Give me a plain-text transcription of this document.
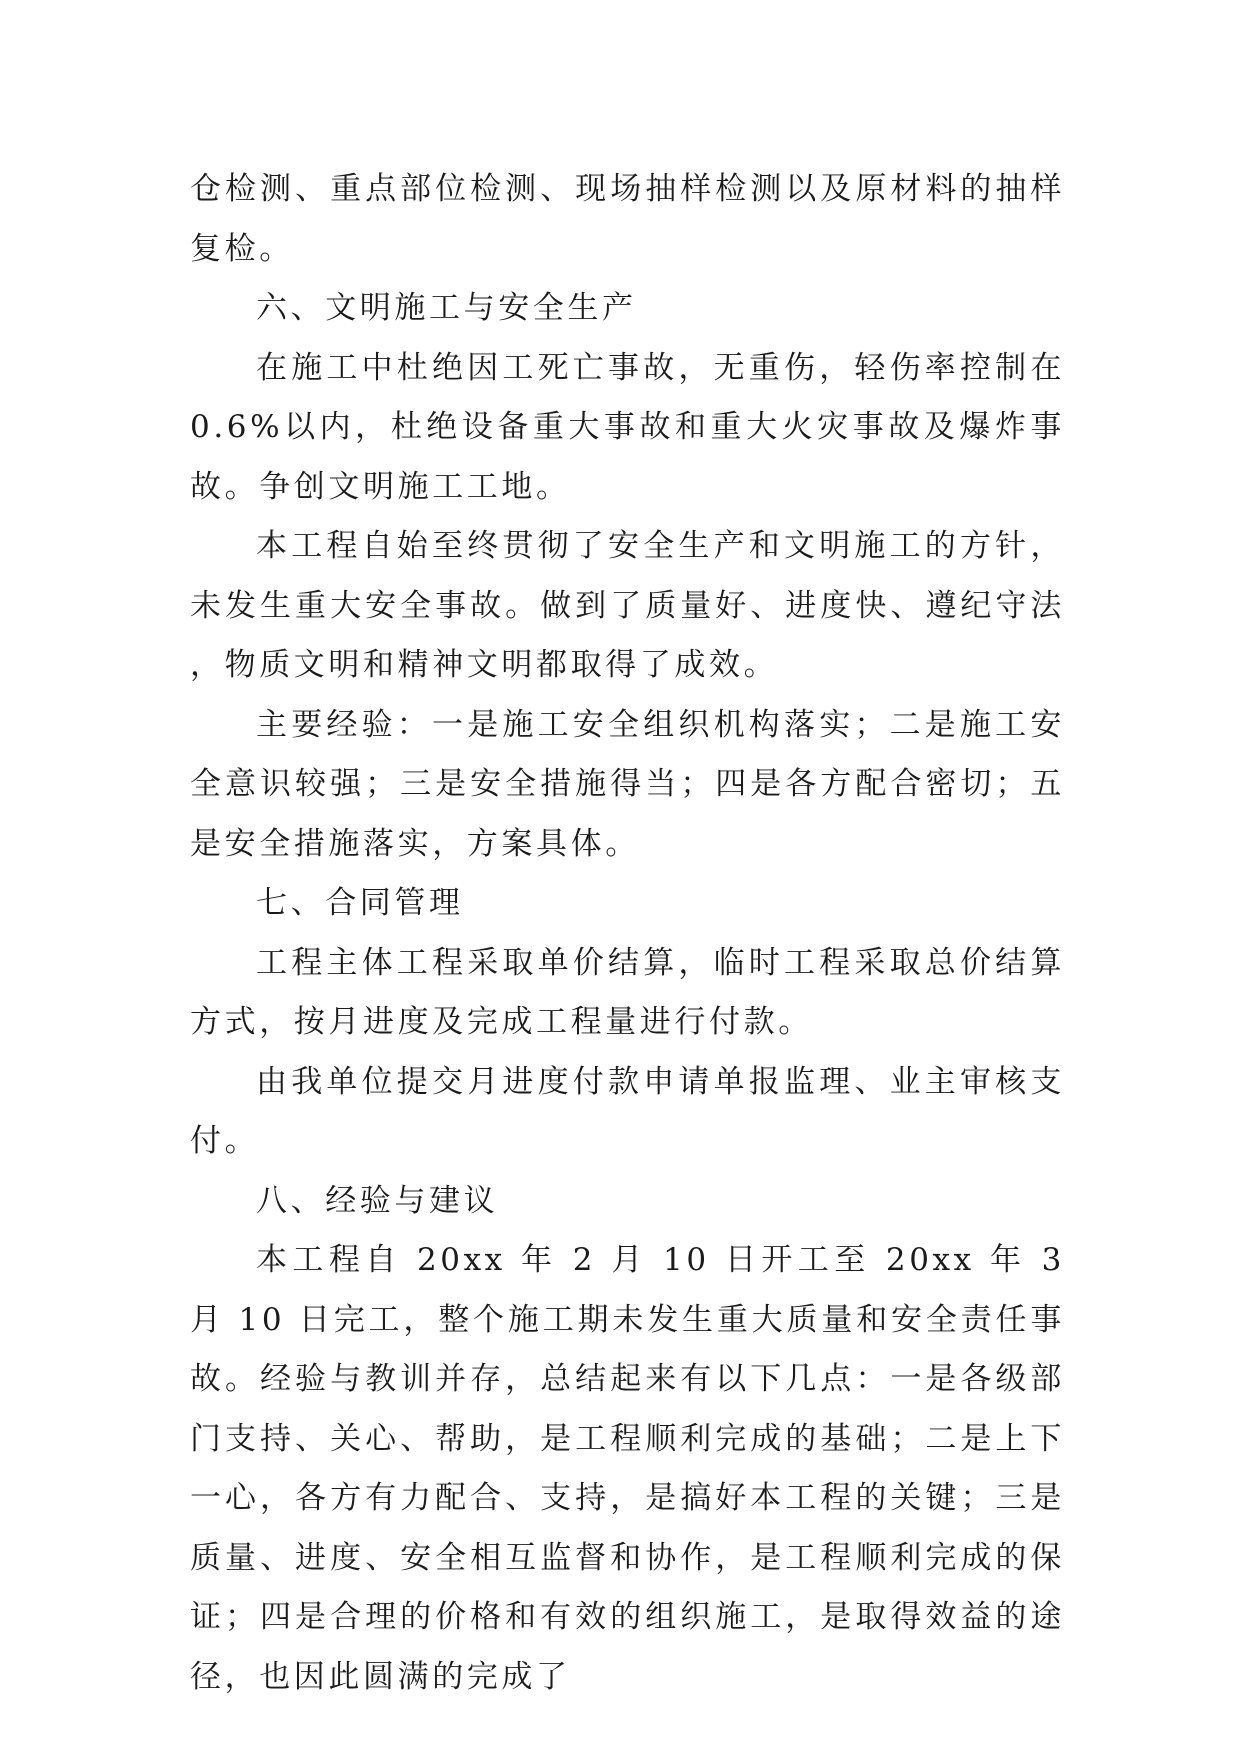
仓检测、重点部位检测、现场抽样检测以及原材料的抽样复检。

六、文明施工与安全生产

在施工中杜绝因工死亡事故，无重伤，轻伤率控制在0.6%以内，杜绝设备重大事故和重大火灾事故及爆炸事故。争创文明施工工地。

本工程自始至终贯彻了安全生产和文明施工的方针，未发生重大安全事故。做到了质量好、进度快、遵纪守法，物质文明和精神文明都取得了成效。

主要经验：一是施工安全组织机构落实；二是施工安全意识较强；三是安全措施得当；四是各方配合密切；五是安全措施落实，方案具体。

七、合同管理

工程主体工程采取单价结算，临时工程采取总价结算方式，按月进度及完成工程量进行付款。

由我单位提交月进度付款申请单报监理、业主审核支付。

八、经验与建议

本工程自 20xx 年 2 月 10 日开工至 20xx 年 3 月 10 日完工，整个施工期未发生重大质量和安全责任事故。经验与教训并存，总结起来有以下几点：一是各级部门支持、关心、帮助，是工程顺利完成的基础；二是上下一心，各方有力配合、支持，是搞好本工程的关键；三是质量、进度、安全相互监督和协作，是工程顺利完成的保证；四是合理的价格和有效的组织施工，是取得效益的途径，也因此圆满的完成了
